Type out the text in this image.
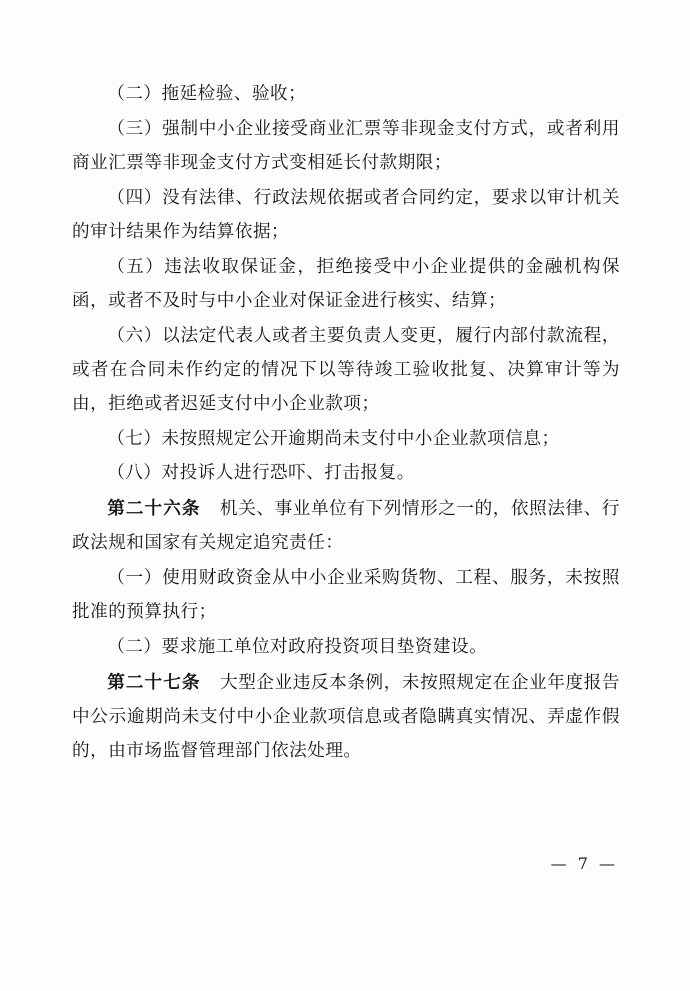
（二）拖延检验、验收；

（三）强制中小企业接受商业汇票等非现金支付方式，或者利用商业汇票等非现金支付方式变相延长付款期限；

（四）没有法律、行政法规依据或者合同约定，要求以审计机关的审计结果作为结算依据；

（五）违法收取保证金，拒绝接受中小企业提供的金融机构保函，或者不及时与中小企业对保证金进行核实、结算；

（六）以法定代表人或者主要负责人变更，履行内部付款流程，或者在合同未作约定的情况下以等待竣工验收批复、决算审计等为由，拒绝或者迟延支付中小企业款项；

（七）未按照规定公开逾期尚未支付中小企业款项信息；

（八）对投诉人进行恐吓、打击报复。

第二十六条 机关、事业单位有下列情形之一的，依照法律、行政法规和国家有关规定追究责任：

（一）使用财政资金从中小企业采购货物、工程、服务，未按照批准的预算执行；

（二）要求施工单位对政府投资项目垫资建设。

第二十七条 大型企业违反本条例，未按照规定在企业年度报告中公示逾期尚未支付中小企业款项信息或者隐瞒真实情况、弄虚作假的，由市场监督管理部门依法处理。

— 7 —
